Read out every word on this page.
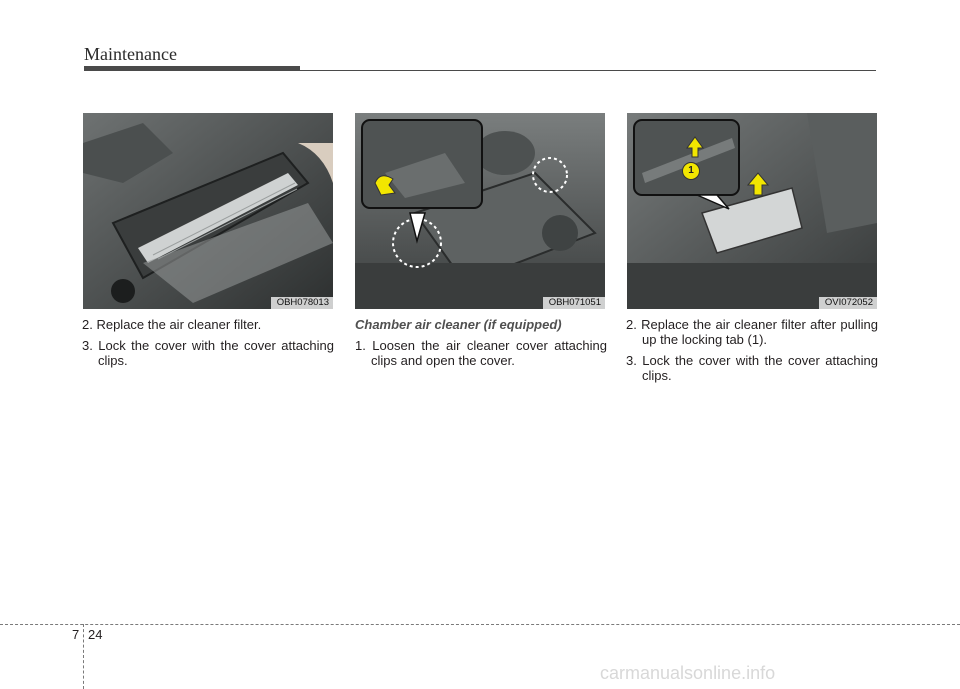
Maintenance
OBH078013	OBH071051
1
OVI072052

2. Replace the air cleaner filter.

3. Lock the cover with the cover attaching clips.

Chamber air cleaner (if equipped)

1. Loosen the air cleaner cover attaching clips and open the cover.

2. Replace the air cleaner filter after pulling up the locking tab (1).

3. Lock the cover with the cover attaching clips.

7 24
carmanualsonline.info
